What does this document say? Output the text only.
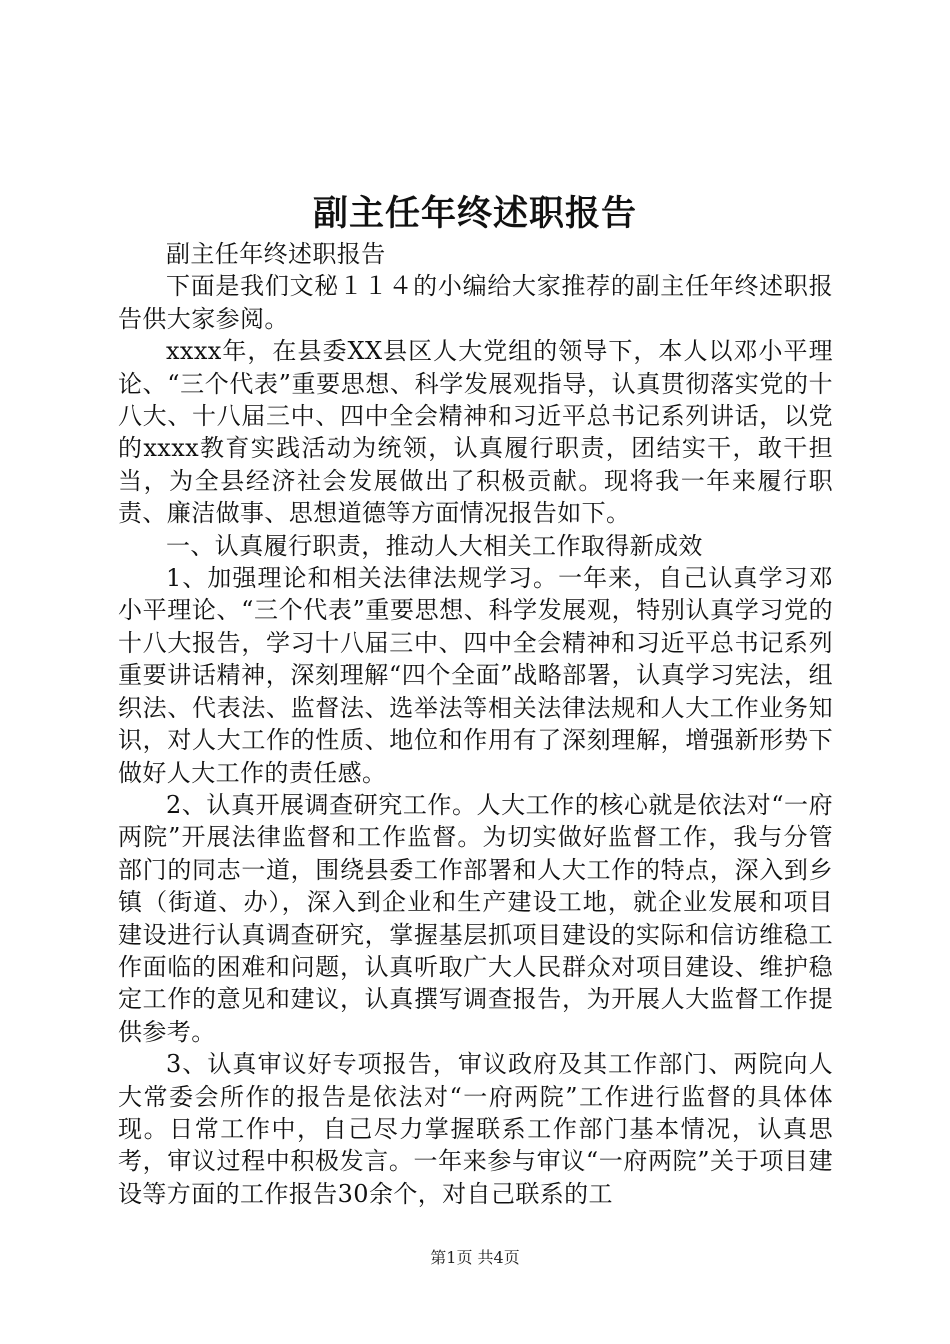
副主任年终述职报告

副主任年终述职报告

下面是我们文秘１１４的小编给大家推荐的副主任年终述职报告供大家参阅。

xxxx年，在县委XX县区人大党组的领导下，本人以邓小平理论、“三个代表”重要思想、科学发展观指导，认真贯彻落实党的十八大、十八届三中、四中全会精神和习近平总书记系列讲话，以党的xxxx教育实践活动为统领，认真履行职责，团结实干，敢干担当，为全县经济社会发展做出了积极贡献。现将我一年来履行职责、廉洁做事、思想道德等方面情况报告如下。

一、认真履行职责，推动人大相关工作取得新成效

1、加强理论和相关法律法规学习。一年来，自己认真学习邓小平理论、“三个代表”重要思想、科学发展观，特别认真学习党的十八大报告，学习十八届三中、四中全会精神和习近平总书记系列重要讲话精神，深刻理解“四个全面”战略部署，认真学习宪法，组织法、代表法、监督法、选举法等相关法律法规和人大工作业务知识，对人大工作的性质、地位和作用有了深刻理解，增强新形势下做好人大工作的责任感。

2、认真开展调查研究工作。人大工作的核心就是依法对“一府两院”开展法律监督和工作监督。为切实做好监督工作，我与分管部门的同志一道，围绕县委工作部署和人大工作的特点，深入到乡镇（街道、办），深入到企业和生产建设工地，就企业发展和项目建设进行认真调查研究，掌握基层抓项目建设的实际和信访维稳工作面临的困难和问题，认真听取广大人民群众对项目建设、维护稳定工作的意见和建议，认真撰写调查报告，为开展人大监督工作提供参考。

3、认真审议好专项报告，审议政府及其工作部门、两院向人大常委会所作的报告是依法对“一府两院”工作进行监督的具体体现。日常工作中，自己尽力掌握联系工作部门基本情况，认真思考，审议过程中积极发言。一年来参与审议“一府两院”关于项目建设等方面的工作报告30余个，对自己联系的工

第1页 共4页
